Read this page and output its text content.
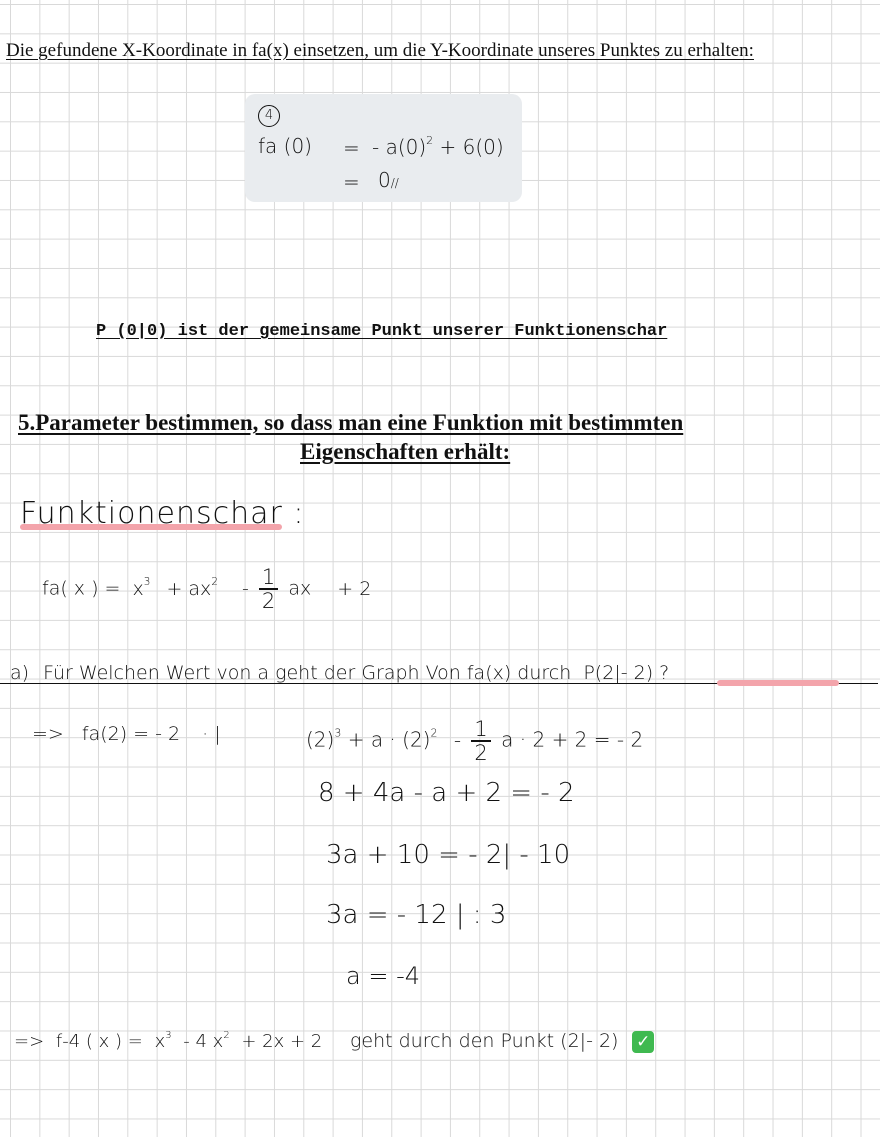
Die gefundene X-Koordinate in fa(x) einsetzen, um die Y-Koordinate unseres Punktes zu erhalten:
4
fa (0) = - $a(0)^2 + 6(0)$
= 0//
P (0|0) ist der gemeinsame Punkt unserer Funktionenschar
5.Parameter bestimmen, so dass man eine Funktion mit bestimmten
Eigenschaften erhält:
Funktionenschar :
fa( x ) = $x^3 + ax^2 - \frac{1}{2}$ ax + 2
a) Für Welchen Wert von a geht der Graph Von fa(x) durch P(2|- 2) ?
=> fa(2) = - 2 · |	$(2)^3 + a \cdot (2)^2 - \frac{1}{2}$ a · 2 + 2 = - 2
8 + 4a - a + 2 = - 2
3a + 10 = - 2| - 10
3a = - 12 | : 3
a = -4
=> f-4 ( x ) = $x^3 - 4$ $x^2 + 2x + 2$ geht durch den Punkt (2|- 2) ✓
